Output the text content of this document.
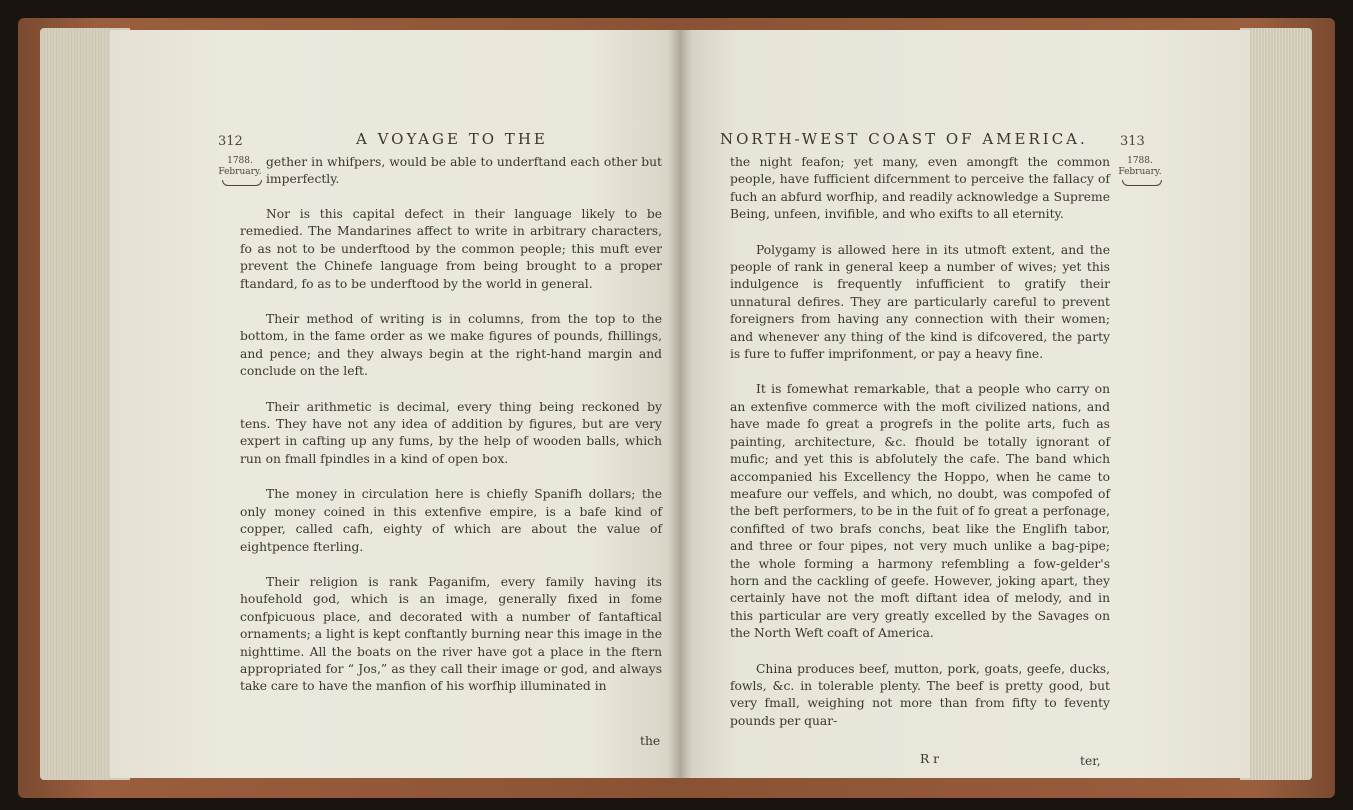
312	A VOYAGE TO THE
1788.
February.

gether in whifpers, would be able to underftand each other but imperfectly.

Nor is this capital defect in their language likely to be remedied. The Mandarines affect to write in arbitrary characters, fo as not to be underftood by the common people; this muft ever prevent the Chinefe language from being brought to a proper ftandard, fo as to be underftood by the world in general.

Their method of writing is in columns, from the top to the bottom, in the fame order as we make figures of pounds, fhillings, and pence; and they always begin at the right-hand margin and conclude on the left.

Their arithmetic is decimal, every thing being reckoned by tens. They have not any idea of addition by figures, but are very expert in cafting up any fums, by the help of wooden balls, which run on fmall fpindles in a kind of open box.

The money in circulation here is chiefly Spanifh dollars; the only money coined in this extenfive empire, is a bafe kind of copper, called cafh, eighty of which are about the value of eightpence fterling.

Their religion is rank Paganifm, every family having its houfehold god, which is an image, generally fixed in fome confpicuous place, and decorated with a number of fantaftical ornaments; a light is kept conftantly burning near this image in the nighttime. All the boats on the river have got a place in the ftern appropriated for “ Jos,” as they call their image or god, and always take care to have the manfion of his worfhip illuminated in

the
NORTH-WEST COAST OF AMERICA. 313
1788.
February.

the night feafon; yet many, even amongft the common people, have fufficient difcernment to perceive the fallacy of fuch an abfurd worfhip, and readily acknowledge a Supreme Being, unfeen, invifible, and who exifts to all eternity.

Polygamy is allowed here in its utmoft extent, and the people of rank in general keep a number of wives; yet this indulgence is frequently infufficient to gratify their unnatural defires. They are particularly careful to prevent foreigners from having any connection with their women; and whenever any thing of the kind is difcovered, the party is fure to fuffer imprifonment, or pay a heavy fine.

It is fomewhat remarkable, that a people who carry on an extenfive commerce with the moft civilized nations, and have made fo great a progrefs in the polite arts, fuch as painting, architecture, &c. fhould be totally ignorant of mufic; and yet this is abfolutely the cafe. The band which accompanied his Excellency the Hoppo, when he came to meafure our veffels, and which, no doubt, was compofed of the beft performers, to be in the fuit of fo great a perfonage, confifted of two brafs conchs, beat like the Englifh tabor, and three or four pipes, not very much unlike a bag-pipe; the whole forming a harmony refembling a fow-gelder's horn and the cackling of geefe. However, joking apart, they certainly have not the moft diftant idea of melody, and in this particular are very greatly excelled by the Savages on the North Weft coaft of America.

China produces beef, mutton, pork, goats, geefe, ducks, fowls, &c. in tolerable plenty. The beef is pretty good, but very fmall, weighing not more than from fifty to feventy pounds per quar-

R r	ter,
